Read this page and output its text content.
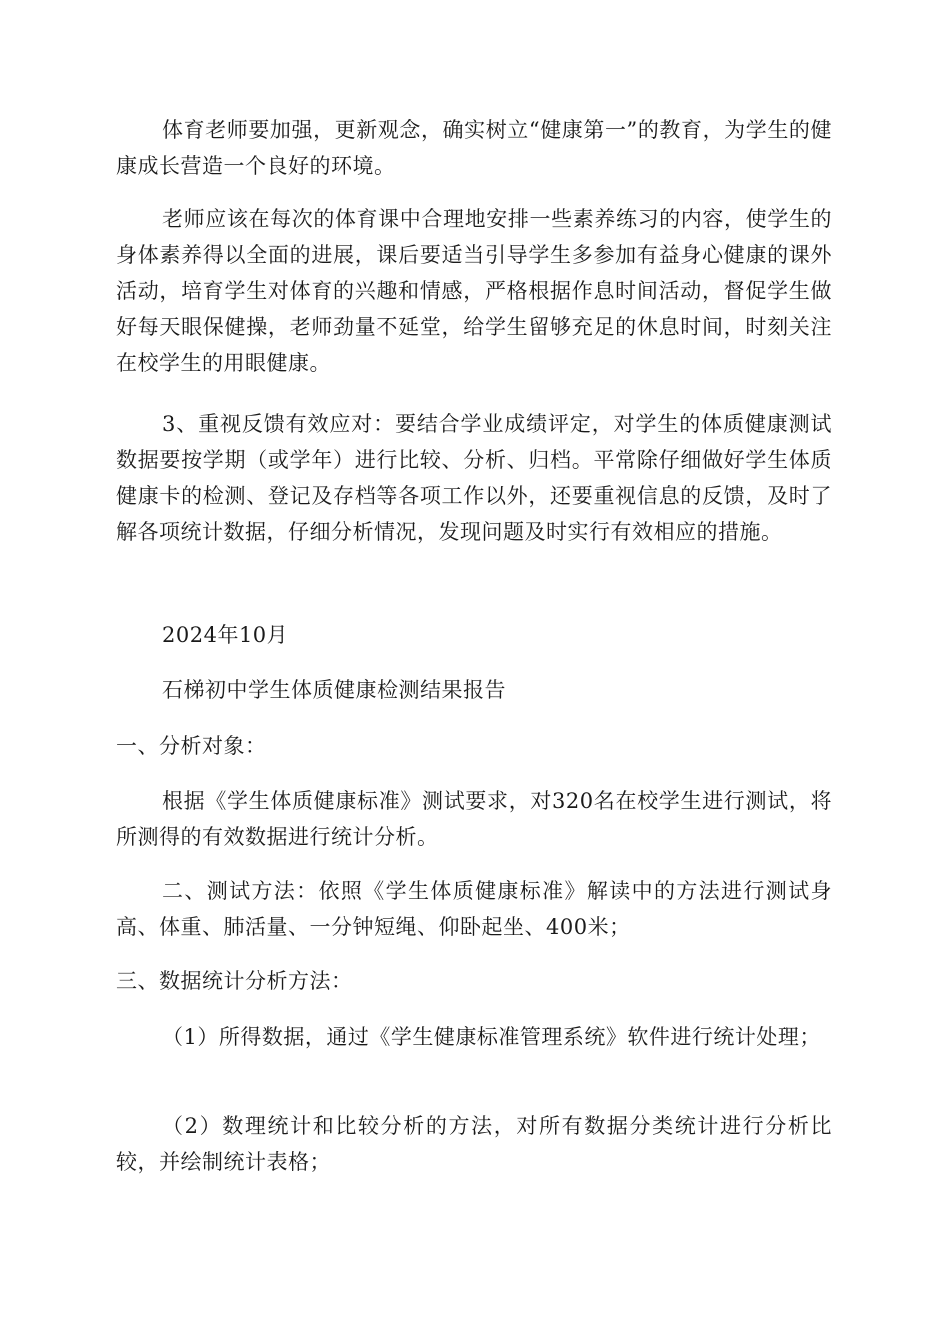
体育老师要加强，更新观念，确实树立“健康第一”的教育，为学生的健康成长营造一个良好的环境。

老师应该在每次的体育课中合理地安排一些素养练习的内容，使学生的身体素养得以全面的进展，课后要适当引导学生多参加有益身心健康的课外活动，培育学生对体育的兴趣和情感，严格根据作息时间活动，督促学生做好每天眼保健操，老师劲量不延堂，给学生留够充足的休息时间，时刻关注在校学生的用眼健康。

3、重视反馈有效应对：要结合学业成绩评定，对学生的体质健康测试数据要按学期（或学年）进行比较、分析、归档。平常除仔细做好学生体质健康卡的检测、登记及存档等各项工作以外，还要重视信息的反馈，及时了解各项统计数据，仔细分析情况，发现问题及时实行有效相应的措施。

2024年10月

石梯初中学生体质健康检测结果报告

一、分析对象：

根据《学生体质健康标准》测试要求，对320名在校学生进行测试，将所测得的有效数据进行统计分析。

二、测试方法：依照《学生体质健康标准》解读中的方法进行测试身高、体重、肺活量、一分钟短绳、仰卧起坐、400米；

三、数据统计分析方法：

（1）所得数据，通过《学生健康标准管理系统》软件进行统计处理；

（2）数理统计和比较分析的方法，对所有数据分类统计进行分析比较，并绘制统计表格；
